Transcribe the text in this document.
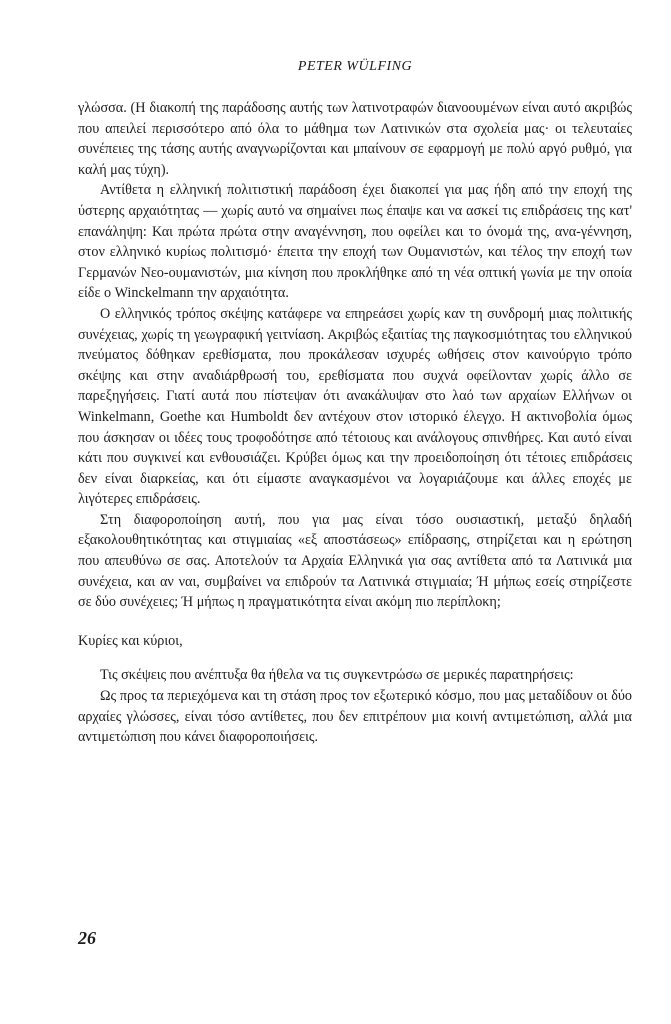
PETER WÜLFING

γλώσσα. (Η διακοπή της παράδοσης αυτής των λατινοτραφών διανοουμένων είναι αυτό ακριβώς που απειλεί περισσότερο από όλα το μάθημα των Λατινικών στα σχολεία μας· οι τελευταίες συνέπειες της τάσης αυτής αναγνωρίζονται και μπαίνουν σε εφαρμογή με πολύ αργό ρυθμό, για καλή μας τύχη).

Αντίθετα η ελληνική πολιτιστική παράδοση έχει διακοπεί για μας ήδη από την εποχή της ύστερης αρχαιότητας — χωρίς αυτό να σημαίνει πως έπαψε και να ασκεί τις επιδράσεις της κατ' επανάληψη: Και πρώτα πρώτα στην αναγέννηση, που οφείλει και το όνομά της, ανα-γέννηση, στον ελληνικό κυρίως πολιτισμό· έπειτα την εποχή των Ουμανιστών, και τέλος την εποχή των Γερμανών Νεο-ουμανιστών, μια κίνηση που προκλήθηκε από τη νέα οπτική γωνία με την οποία είδε ο Winckelmann την αρχαιότητα.

Ο ελληνικός τρόπος σκέψης κατάφερε να επηρεάσει χωρίς καν τη συνδρομή μιας πολιτικής συνέχειας, χωρίς τη γεωγραφική γειτνίαση. Ακριβώς εξαιτίας της παγκοσμιότητας του ελληνικού πνεύματος δόθηκαν ερεθίσματα, που προκάλεσαν ισχυρές ωθήσεις στον καινούργιο τρόπο σκέψης και στην αναδιάρθρωσή του, ερεθίσματα που συχνά οφείλονταν χωρίς άλλο σε παρεξηγήσεις. Γιατί αυτά που πίστεψαν ότι ανακάλυψαν στο λαό των αρχαίων Ελλήνων οι Winkelmann, Goethe και Humboldt δεν αντέχουν στον ιστορικό έλεγχο. Η ακτινοβολία όμως που άσκησαν οι ιδέες τους τροφοδότησε από τέτοιους και ανάλογους σπινθήρες. Και αυτό είναι κάτι που συγκινεί και ενθουσιάζει. Κρύβει όμως και την προειδοποίηση ότι τέτοιες επιδράσεις δεν είναι διαρκείας, και ότι είμαστε αναγκασμένοι να λογαριάζουμε και άλλες εποχές με λιγότερες επιδράσεις.

Στη διαφοροποίηση αυτή, που για μας είναι τόσο ουσιαστική, μεταξύ δηλαδή εξακολουθητικότητας και στιγμιαίας «εξ αποστάσεως» επίδρασης, στηρίζεται και η ερώτηση που απευθύνω σε σας. Αποτελούν τα Αρχαία Ελληνικά για σας αντίθετα από τα Λατινικά μια συνέχεια, και αν ναι, συμβαίνει να επιδρούν τα Λατινικά στιγμιαία; Ή μήπως εσείς στηρίζεστε σε δύο συνέχειες; Ή μήπως η πραγματικότητα είναι ακόμη πιο περίπλοκη;

Κυρίες και κύριοι,

Τις σκέψεις που ανέπτυξα θα ήθελα να τις συγκεντρώσω σε μερικές παρατηρήσεις:

Ως προς τα περιεχόμενα και τη στάση προς τον εξωτερικό κόσμο, που μας μεταδίδουν οι δύο αρχαίες γλώσσες, είναι τόσο αντίθετες, που δεν επιτρέπουν μια κοινή αντιμετώπιση, αλλά μια αντιμετώπιση που κάνει διαφοροποιήσεις.

26
